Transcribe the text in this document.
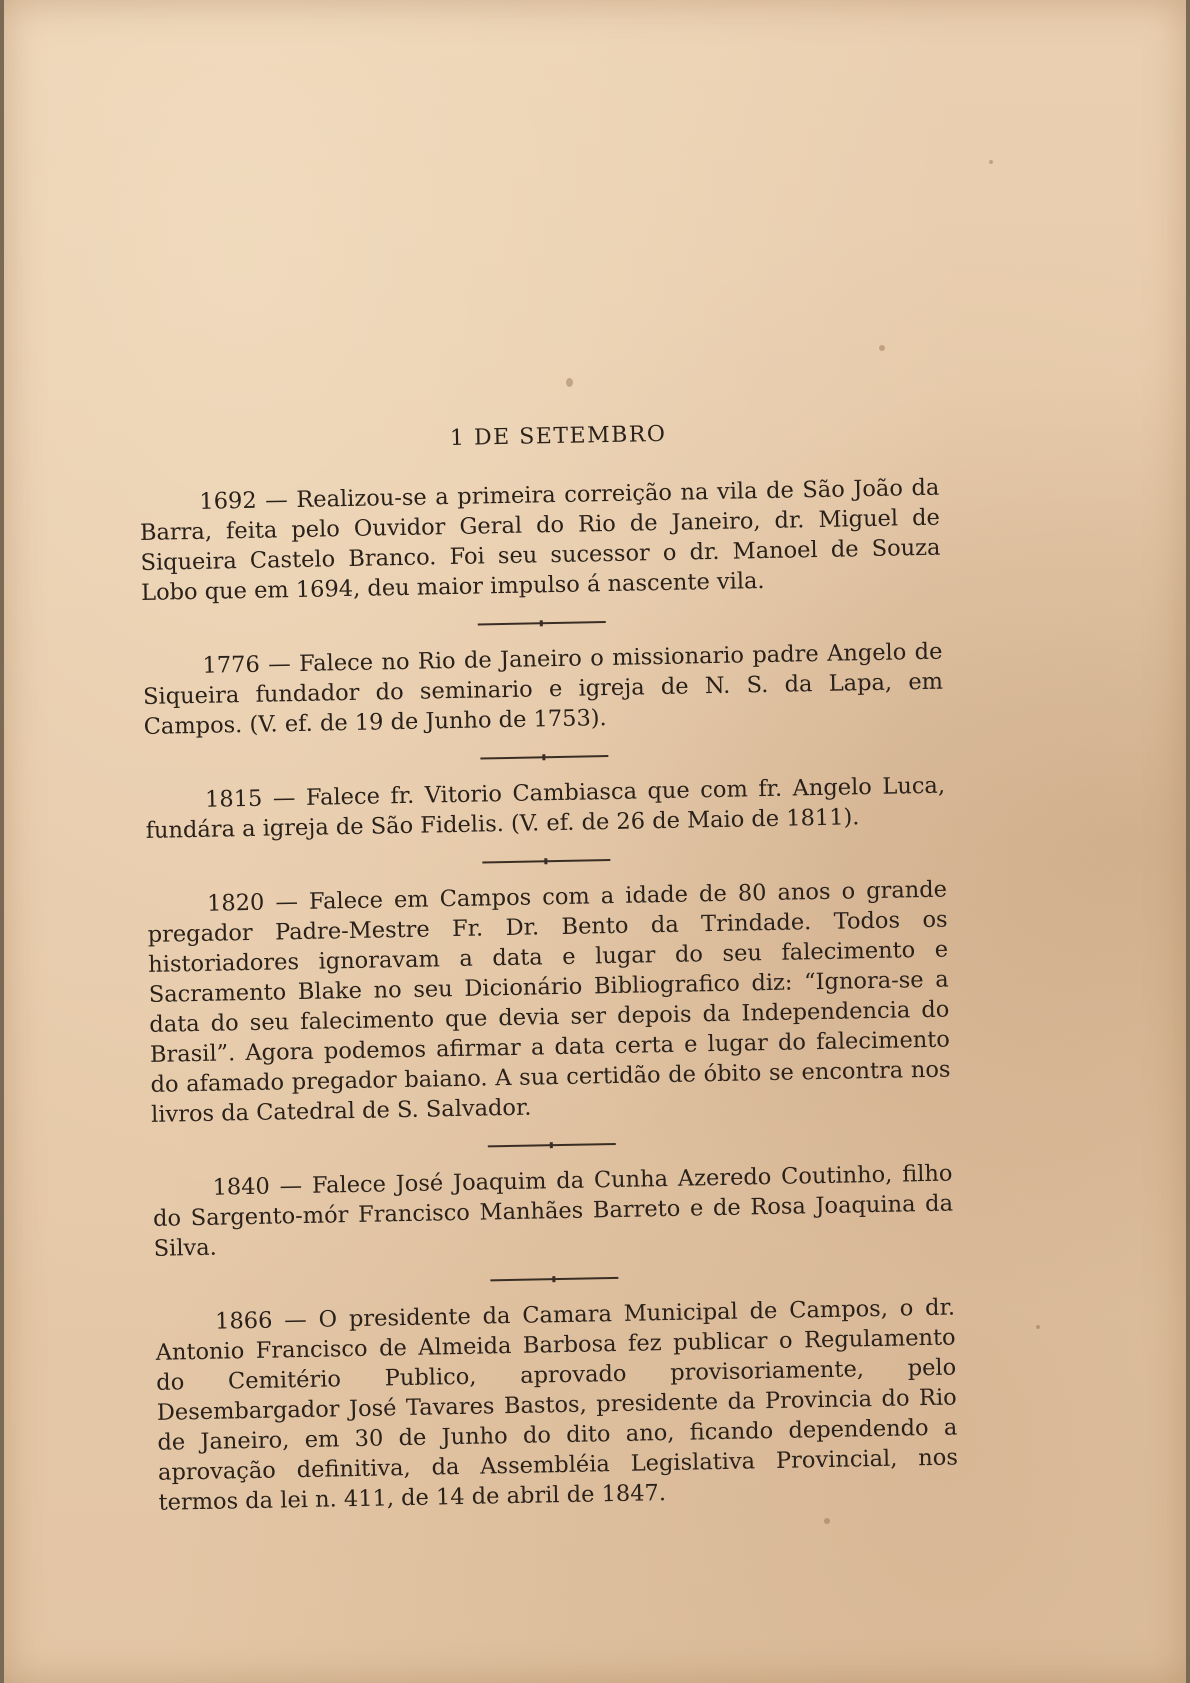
1 DE SETEMBRO

1692 — Realizou-se a primeira correição na vila de São João da Barra, feita pelo Ouvidor Geral do Rio de Janeiro, dr. Miguel de Siqueira Castelo Branco. Foi seu sucessor o dr. Manoel de Souza Lobo que em 1694, deu maior impulso á nascente vila.

1776 — Falece no Rio de Janeiro o missionario padre Angelo de Siqueira fundador do seminario e igreja de N. S. da Lapa, em Campos. (V. ef. de 19 de Junho de 1753).

1815 — Falece fr. Vitorio Cambiasca que com fr. Angelo Luca, fundára a igreja de São Fidelis. (V. ef. de 26 de Maio de 1811).

1820 — Falece em Campos com a idade de 80 anos o grande pregador Padre-Mestre Fr. Dr. Bento da Trindade. Todos os historiadores ignoravam a data e lugar do seu falecimento e Sacramento Blake no seu Dicionário Bibliografico diz: “Ignora-se a data do seu falecimento que devia ser depois da Independencia do Brasil”. Agora podemos afirmar a data certa e lugar do falecimento do afamado pregador baiano. A sua certidão de óbito se encontra nos livros da Catedral de S. Salvador.

1840 — Falece José Joaquim da Cunha Azeredo Coutinho, filho do Sargento-mór Francisco Manhães Barreto e de Rosa Joaquina da Silva.

1866 — O presidente da Camara Municipal de Campos, o dr. Antonio Francisco de Almeida Barbosa fez publicar o Regulamento do Cemitério Publico, aprovado provisoriamente, pelo Desembargador José Tavares Bastos, presidente da Provincia do Rio de Janeiro, em 30 de Junho do dito ano, ficando dependendo a aprovação definitiva, da Assembléia Legislativa Provincial, nos termos da lei n. 411, de 14 de abril de 1847.
